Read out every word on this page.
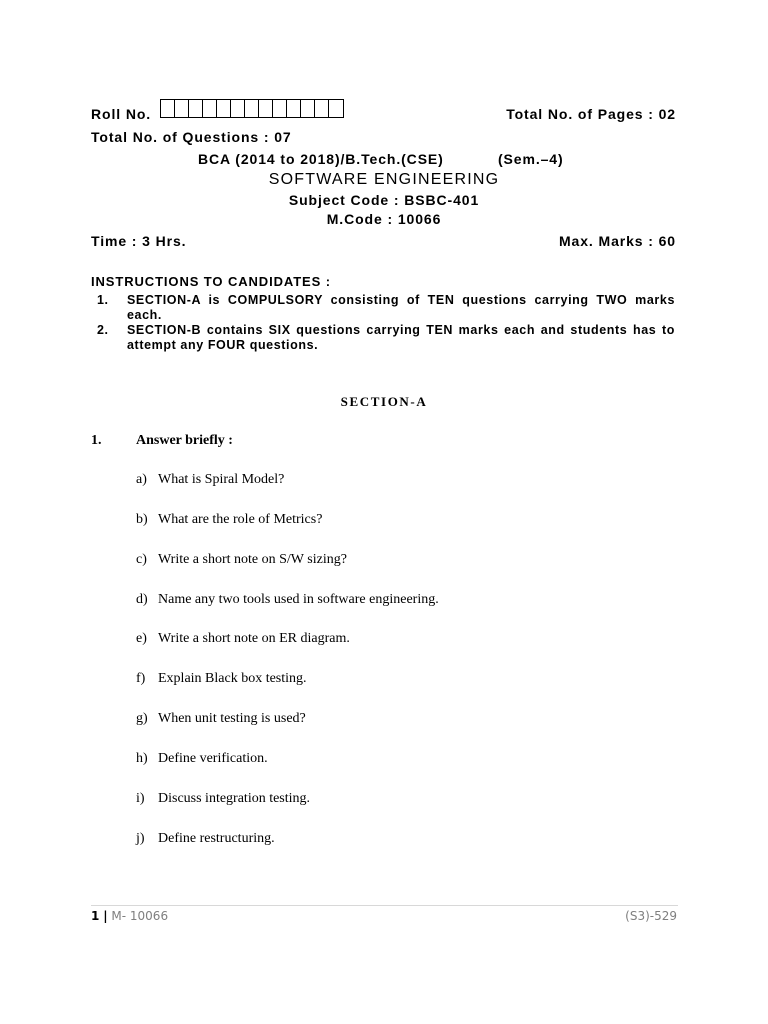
Roll No.	Total No. of Pages : 02
Total No. of Questions : 07
BCA (2014 to 2018)/B.Tech.(CSE)	(Sem.–4)
SOFTWARE ENGINEERING
Subject Code : BSBC-401
M.Code : 10066
Time : 3 Hrs.	Max. Marks : 60
INSTRUCTIONS TO CANDIDATES :
1.	SECTION-A is COMPULSORY consisting of TEN questions carrying TWO marks each.
2.	SECTION-B contains SIX questions carrying TEN marks each and students has to attempt any FOUR questions.
SECTION-A
1. Answer briefly :
a) What is Spiral Model?
b) What are the role of Metrics?
c) Write a short note on S/W sizing?
d) Name any two tools used in software engineering.
e) Write a short note on ER diagram.
f) Explain Black box testing.
g) When unit testing is used?
h) Define verification.
i) Discuss integration testing.
j) Define restructuring.
1 | M- 10066	(S3)-529
